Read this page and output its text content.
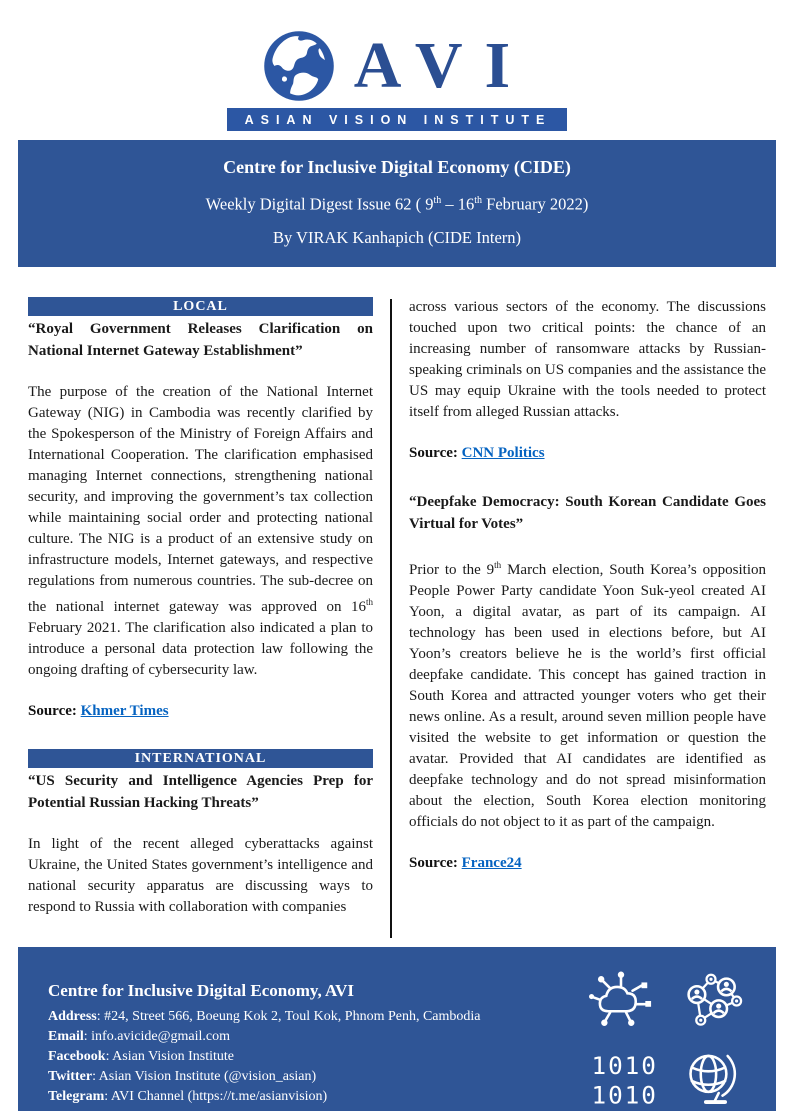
AVI
ASIAN VISION INSTITUTE
Centre for Inclusive Digital Economy (CIDE)
Weekly Digital Digest Issue 62 ( 9th – 16th February 2022)
By VIRAK Kanhapich (CIDE Intern)
LOCAL
“Royal Government Releases Clarification on National Internet Gateway Establishment”

The purpose of the creation of the National Internet Gateway (NIG) in Cambodia was recently clarified by the Spokesperson of the Ministry of Foreign Affairs and International Cooperation. The clarification emphasised managing Internet connections, strengthening national security, and improving the government’s tax collection while maintaining social order and protecting national culture. The NIG is a product of an extensive study on infrastructure models, Internet gateways, and respective regulations from numerous countries. The sub-decree on the national internet gateway was approved on 16th February 2021. The clarification also indicated a plan to introduce a personal data protection law following the ongoing drafting of cybersecurity law.

Source: Khmer Times

INTERNATIONAL
“US Security and Intelligence Agencies Prep for Potential Russian Hacking Threats”

In light of the recent alleged cyberattacks against Ukraine, the United States government’s intelligence and national security apparatus are discussing ways to respond to Russia with collaboration with companies

across various sectors of the economy. The discussions touched upon two critical points: the chance of an increasing number of ransomware attacks by Russian-speaking criminals on US companies and the assistance the US may equip Ukraine with the tools needed to protect itself from alleged Russian attacks.

Source: CNN Politics

“Deepfake Democracy: South Korean Candidate Goes Virtual for Votes”

Prior to the 9th March election, South Korea’s opposition People Power Party candidate Yoon Suk-yeol created AI Yoon, a digital avatar, as part of its campaign. AI technology has been used in elections before, but AI Yoon’s creators believe he is the world’s first official deepfake candidate. This concept has gained traction in South Korea and attracted younger voters who get their news online. As a result, around seven million people have visited the website to get information or question the avatar. Provided that AI candidates are identified as deepfake technology and do not spread misinformation about the election, South Korea election monitoring officials do not object to it as part of the campaign.

Source: France24

Centre for Inclusive Digital Economy, AVI
Address: #24, Street 566, Boeung Kok 2, Toul Kok, Phnom Penh, Cambodia
Email: info.avicide@gmail.com
Facebook: Asian Vision Institute
Twitter: Asian Vision Institute (@vision_asian)
Telegram: AVI Channel (https://t.me/asianvision)
1010
1010
